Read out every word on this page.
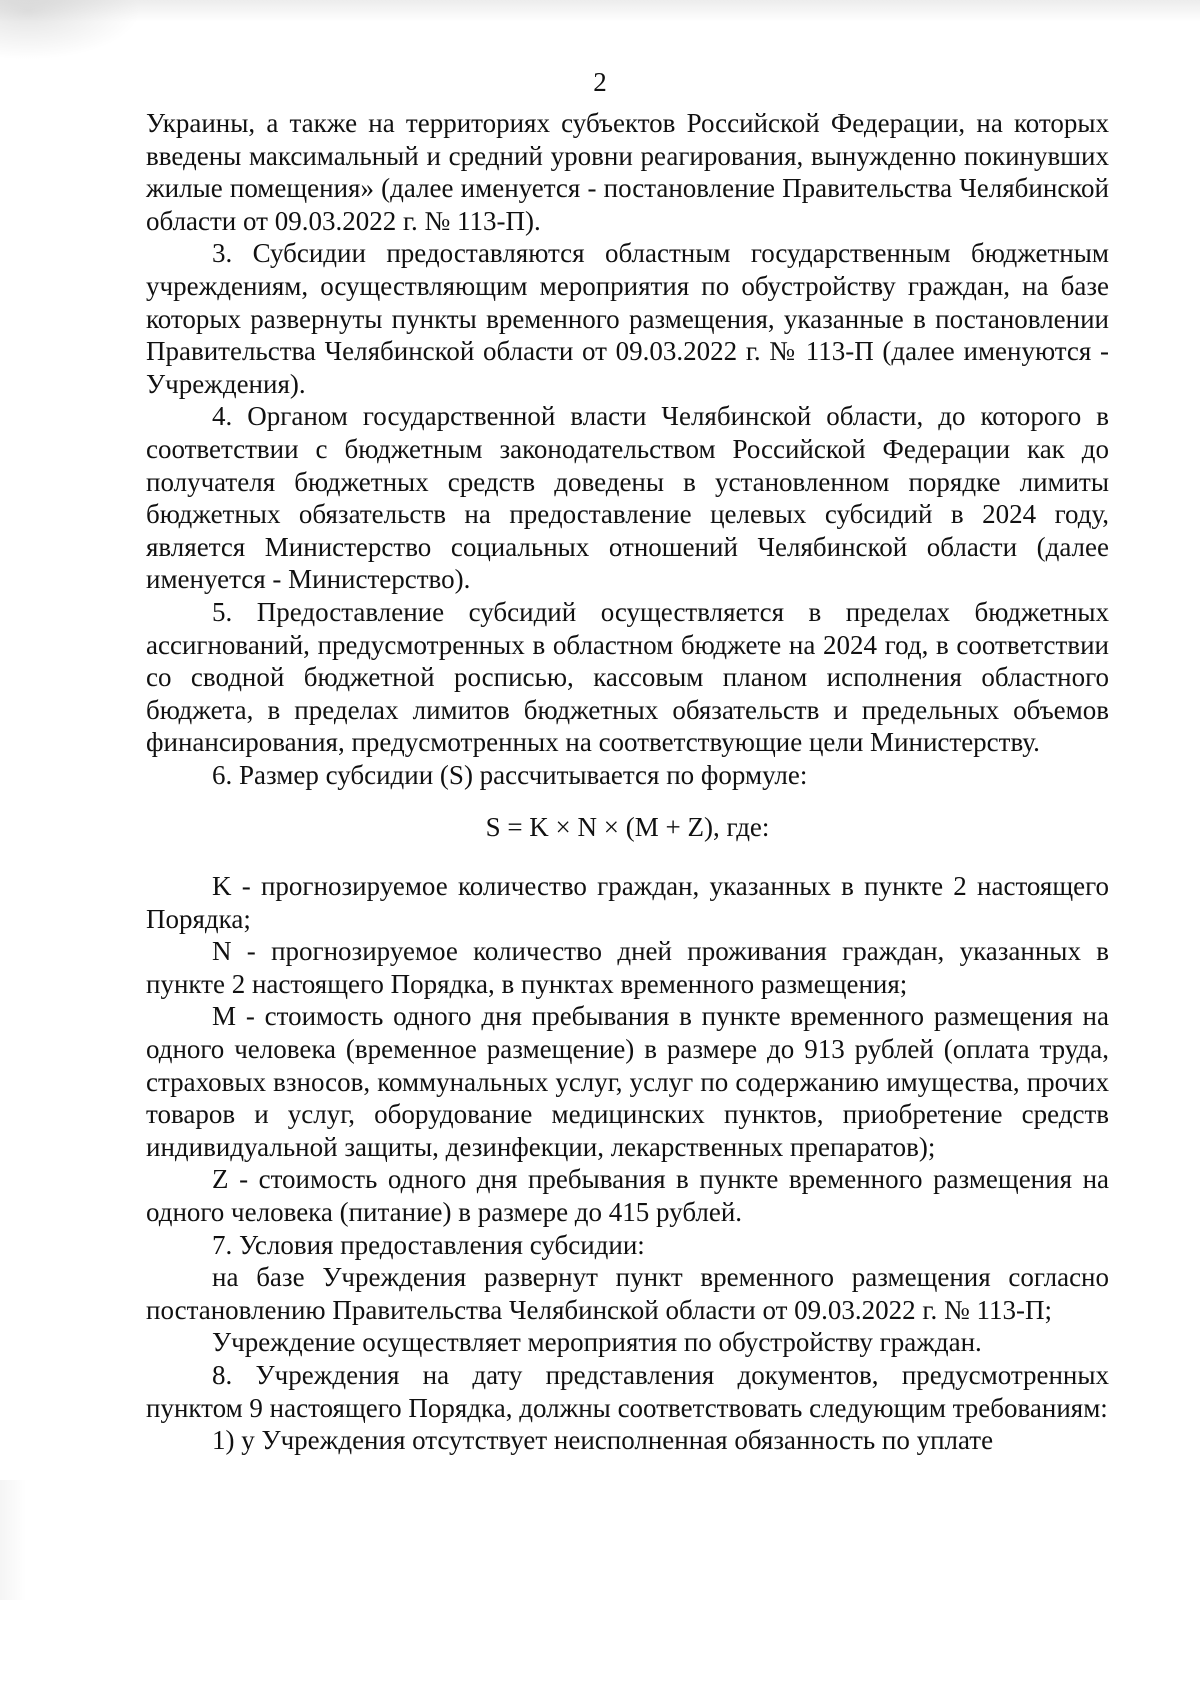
2

Украины, а также на территориях субъектов Российской Федерации, на которых введены максимальный и средний уровни реагирования, вынужденно покинувших жилые помещения» (далее именуется - постановление Правительства Челябинской области от 09.03.2022 г. № 113-П).

3. Субсидии предоставляются областным государственным бюджетным учреждениям, осуществляющим мероприятия по обустройству граждан, на базе которых развернуты пункты временного размещения, указанные в постановлении Правительства Челябинской области от 09.03.2022 г. № 113-П (далее именуются - Учреждения).

4. Органом государственной власти Челябинской области, до которого в соответствии с бюджетным законодательством Российской Федерации как до получателя бюджетных средств доведены в установленном порядке лимиты бюджетных обязательств на предоставление целевых субсидий в 2024 году, является Министерство социальных отношений Челябинской области (далее именуется - Министерство).

5. Предоставление субсидий осуществляется в пределах бюджетных ассигнований, предусмотренных в областном бюджете на 2024 год, в соответствии со сводной бюджетной росписью, кассовым планом исполнения областного бюджета, в пределах лимитов бюджетных обязательств и предельных объемов финансирования, предусмотренных на соответствующие цели Министерству.

6. Размер субсидии (S) рассчитывается по формуле:

S = K × N × (M + Z), где:

K - прогнозируемое количество граждан, указанных в пункте 2 настоящего Порядка;

N - прогнозируемое количество дней проживания граждан, указанных в пункте 2 настоящего Порядка, в пунктах временного размещения;

M - стоимость одного дня пребывания в пункте временного размещения на одного человека (временное размещение) в размере до 913 рублей (оплата труда, страховых взносов, коммунальных услуг, услуг по содержанию имущества, прочих товаров и услуг, оборудование медицинских пунктов, приобретение средств индивидуальной защиты, дезинфекции, лекарственных препаратов);

Z - стоимость одного дня пребывания в пункте временного размещения на одного человека (питание) в размере до 415 рублей.

7. Условия предоставления субсидии:

на базе Учреждения развернут пункт временного размещения согласно постановлению Правительства Челябинской области от 09.03.2022 г. № 113-П;

Учреждение осуществляет мероприятия по обустройству граждан.

8. Учреждения на дату представления документов, предусмотренных пунктом 9 настоящего Порядка, должны соответствовать следующим требованиям:

1) у Учреждения отсутствует неисполненная обязанность по уплате
